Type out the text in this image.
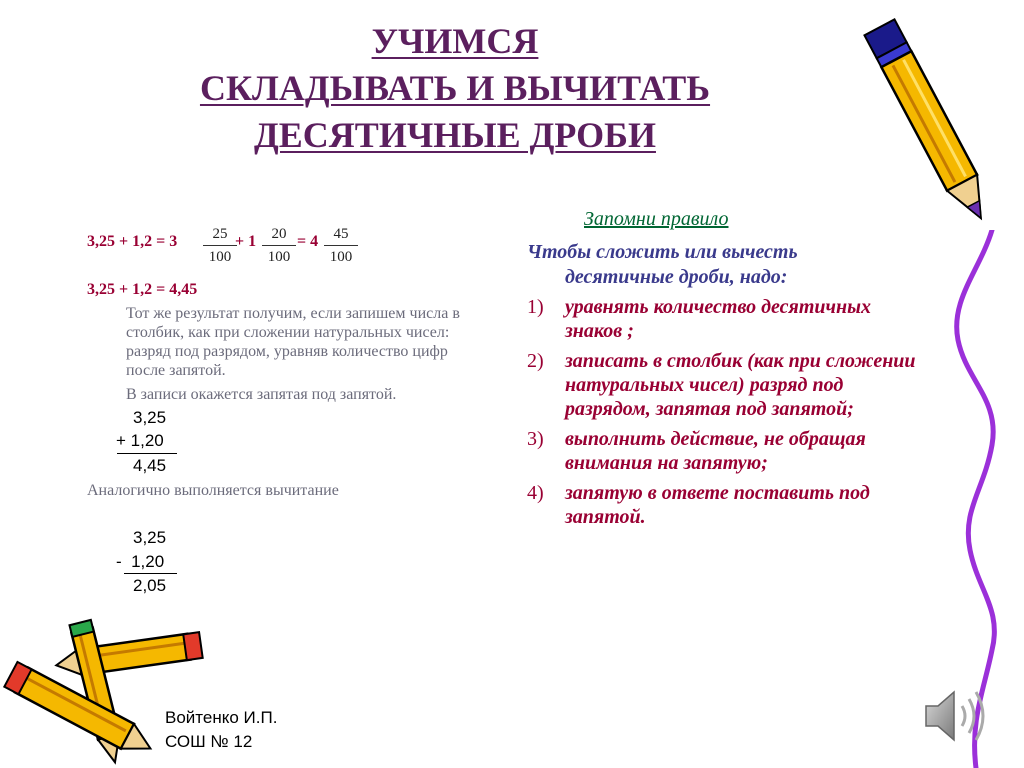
УЧИМСЯ
СКЛАДЫВАТЬ И ВЫЧИТАТЬ
ДЕСЯТИЧНЫЕ ДРОБИ
3,25 + 1,2 = 3	25
100
+ 1	20
100
= 4	45
100
3,25 + 1,2 = 4,45
Тот же результат получим, если запишем числа в столбик, как при сложении натуральных чисел: разряд под разрядом, уравняв количество цифр после запятой.
В записи окажется запятая под запятой.
3,25
+ 1,20
4,45
Аналогично выполняется вычитание
3,25
-  1,20
2,05
Запомни правило
Чтобы сложить или вычесть
десятичные дроби, надо:
1) уравнять количество десятичных знаков ;
2) записать в столбик (как при сложении натуральных чисел) разряд под разрядом, запятая под запятой;
3) выполнить действие, не обращая внимания на запятую;
4) запятую в ответе поставить под запятой.
Войтенко И.П.
СОШ № 12
